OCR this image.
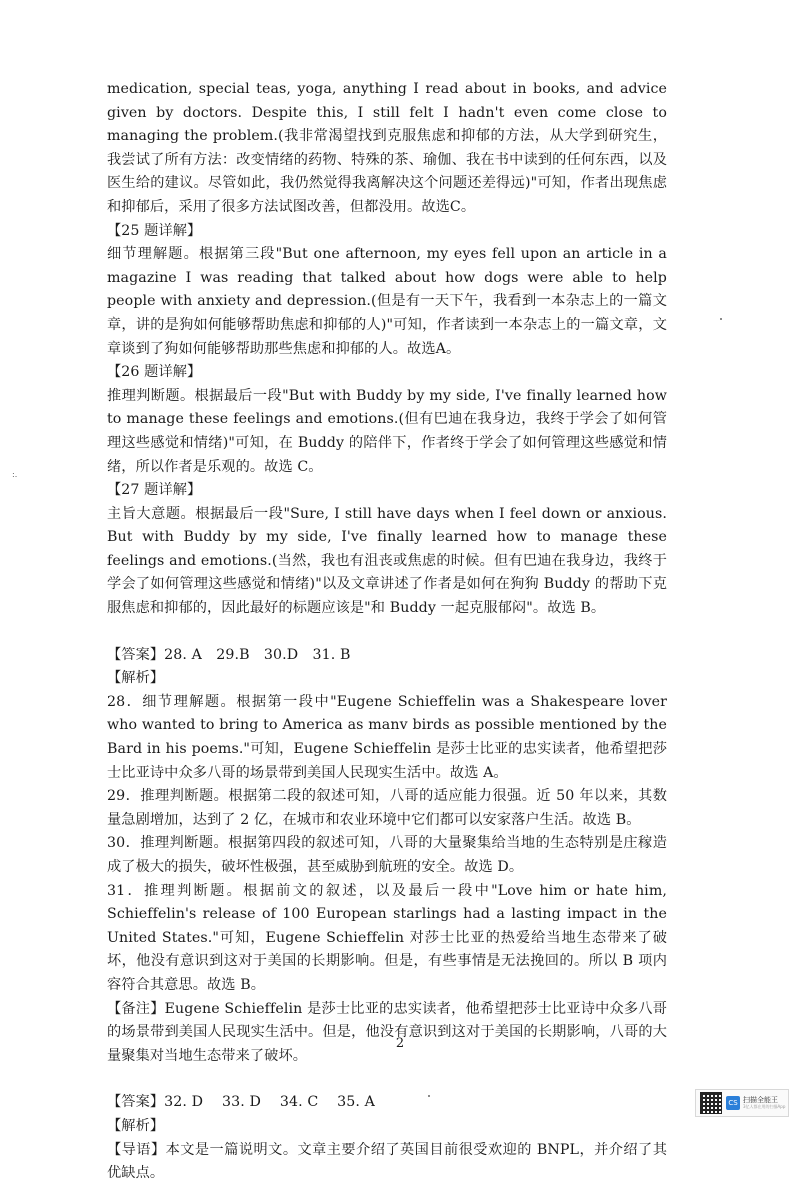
medication, special teas, yoga, anything I read about in books, and advice given by doctors. Despite this, I still felt I hadn't even come close to managing the problem.(我非常渴望找到克服焦虑和抑郁的方法，从大学到研究生，我尝试了所有方法：改变情绪的药物、特殊的茶、瑜伽、我在书中读到的任何东西，以及医生给的建议。尽管如此，我仍然觉得我离解决这个问题还差得远)"可知，作者出现焦虑和抑郁后，采用了很多方法试图改善，但都没用。故选C。

【25 题详解】

细节理解题。根据第三段"But one afternoon, my eyes fell upon an article in a magazine I was reading that talked about how dogs were able to help people with anxiety and depression.(但是有一天下午，我看到一本杂志上的一篇文章，讲的是狗如何能够帮助焦虑和抑郁的人)"可知，作者读到一本杂志上的一篇文章，文章谈到了狗如何能够帮助那些焦虑和抑郁的人。故选A。

【26 题详解】

推理判断题。根据最后一段"But with Buddy by my side, I've finally learned how to manage these feelings and emotions.(但有巴迪在我身边，我终于学会了如何管理这些感觉和情绪)"可知，在 Buddy 的陪伴下，作者终于学会了如何管理这些感觉和情绪，所以作者是乐观的。故选 C。

【27 题详解】

主旨大意题。根据最后一段"Sure, I still have days when I feel down or anxious. But with Buddy by my side, I've finally learned how to manage these feelings and emotions.(当然，我也有沮丧或焦虑的时候。但有巴迪在我身边，我终于学会了如何管理这些感觉和情绪)"以及文章讲述了作者是如何在狗狗 Buddy 的帮助下克服焦虑和抑郁的，因此最好的标题应该是"和 Buddy 一起克服郁闷"。故选 B。

【答案】28. A　29.B　30.D　31. B

【解析】

28．细节理解题。根据第一段中"Eugene Schieffelin was a Shakespeare lover who wanted to bring to America as manv birds as possible mentioned by the Bard in his poems."可知，Eugene Schieffelin 是莎士比亚的忠实读者，他希望把莎士比亚诗中众多八哥的场景带到美国人民现实生活中。故选 A。

29．推理判断题。根据第二段的叙述可知，八哥的适应能力很强。近 50 年以来，其数量急剧增加，达到了 2 亿，在城市和农业环境中它们都可以安家落户生活。故选 B。

30．推理判断题。根据第四段的叙述可知，八哥的大量聚集给当地的生态特别是庄稼造成了极大的损失，破坏性极强，甚至威胁到航班的安全。故选 D。

31．推理判断题。根据前文的叙述，以及最后一段中"Love him or hate him, Schieffelin's release of 100 European starlings had a lasting impact in the United States."可知，Eugene Schieffelin 对莎士比亚的热爱给当地生态带来了破坏，他没有意识到这对于美国的长期影响。但是，有些事情是无法挽回的。所以 B 项内容符合其意思。故选 B。

【备注】Eugene Schieffelin 是莎士比亚的忠实读者，他希望把莎士比亚诗中众多八哥的场景带到美国人民现实生活中。但是，他没有意识到这对于美国的长期影响，八哥的大量聚集对当地生态带来了破坏。

【答案】32. D　 33. D　 34. C　 35. A

【解析】

【导语】本文是一篇说明文。文章主要介绍了英国目前很受欢迎的 BNPL，并介绍了其优缺点。

2
:.
CS 扫描全能王
3亿人都在用的扫描App
